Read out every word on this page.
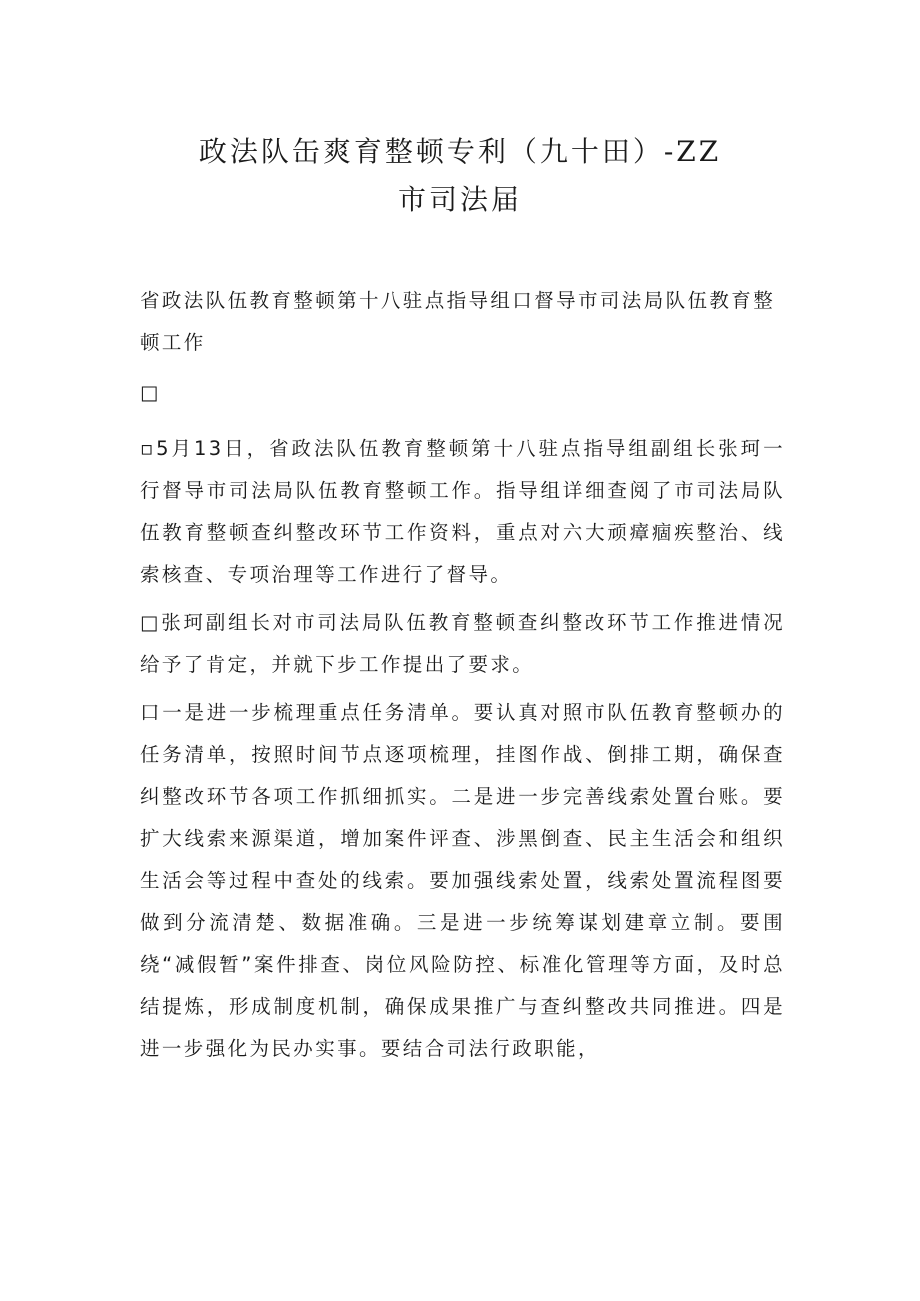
政法队缶爽育整顿专利（九十田）-ZZ
市司法届

省政法队伍教育整顿第十八驻点指导组口督导市司法局队伍教育整顿工作

□

▫5月13日，省政法队伍教育整顿第十八驻点指导组副组长张珂一行督导市司法局队伍教育整顿工作。指导组详细查阅了市司法局队伍教育整顿查纠整改环节工作资料，重点对六大顽瘴痼疾整治、线索核查、专项治理等工作进行了督导。

□张珂副组长对市司法局队伍教育整顿查纠整改环节工作推进情况给予了肯定，并就下步工作提出了要求。

口一是进一步梳理重点任务清单。要认真对照市队伍教育整顿办的任务清单，按照时间节点逐项梳理，挂图作战、倒排工期，确保查纠整改环节各项工作抓细抓实。二是进一步完善线索处置台账。要扩大线索来源渠道，增加案件评查、涉黑倒查、民主生活会和组织生活会等过程中查处的线索。要加强线索处置，线索处置流程图要做到分流清楚、数据准确。三是进一步统筹谋划建章立制。要围绕“减假暂”案件排查、岗位风险防控、标准化管理等方面，及时总结提炼，形成制度机制，确保成果推广与查纠整改共同推进。四是进一步强化为民办实事。要结合司法行政职能，
